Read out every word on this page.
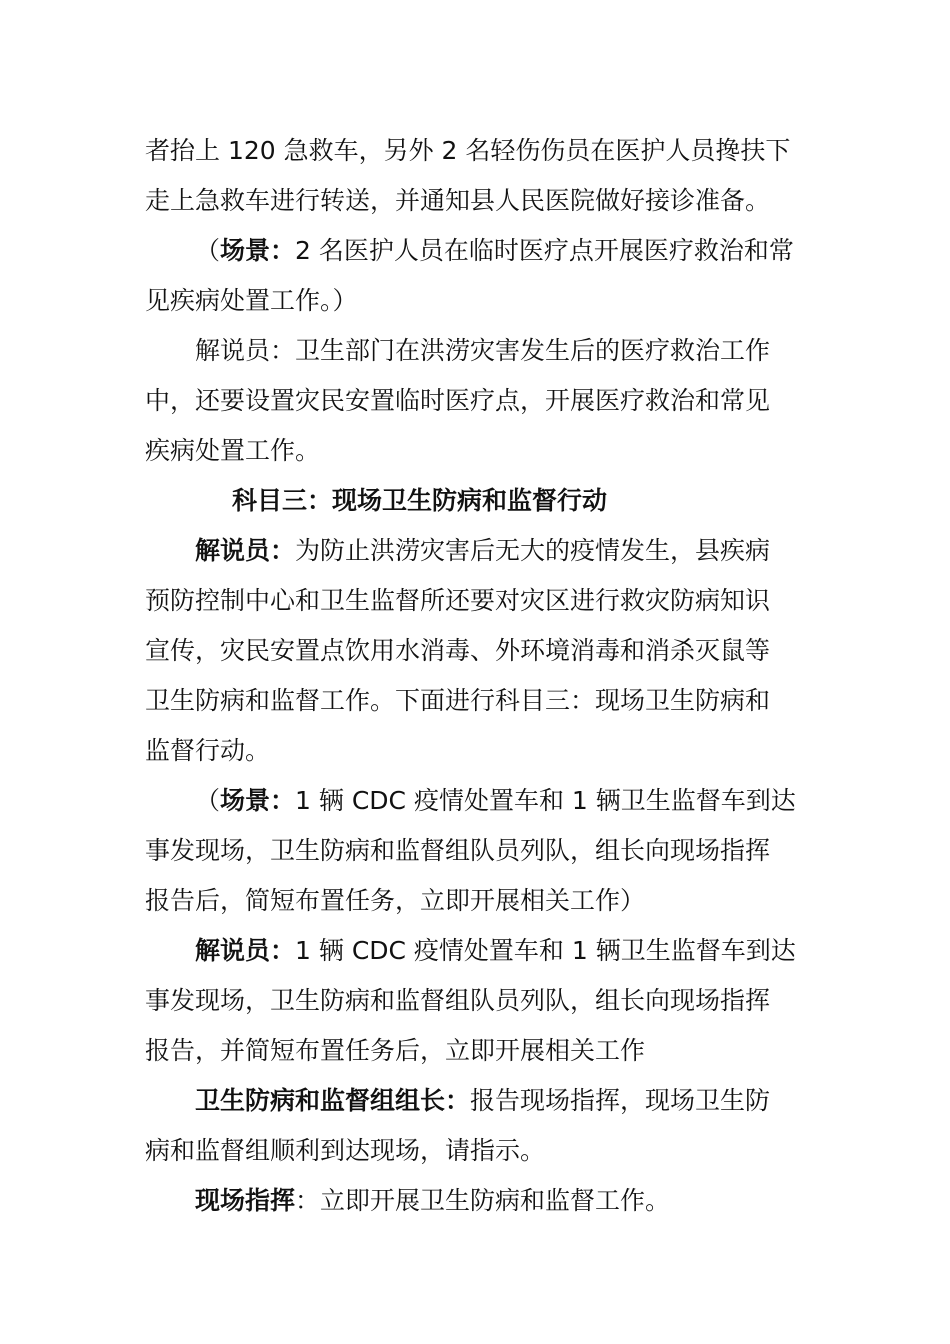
者抬上 120 急救车，另外 2 名轻伤伤员在医护人员搀扶下
走上急救车进行转送，并通知县人民医院做好接诊准备。
（场景：2 名医护人员在临时医疗点开展医疗救治和常
见疾病处置工作。）
解说员：卫生部门在洪涝灾害发生后的医疗救治工作
中，还要设置灾民安置临时医疗点，开展医疗救治和常见
疾病处置工作。
科目三：现场卫生防病和监督行动
解说员：为防止洪涝灾害后无大的疫情发生，县疾病
预防控制中心和卫生监督所还要对灾区进行救灾防病知识
宣传，灾民安置点饮用水消毒、外环境消毒和消杀灭鼠等
卫生防病和监督工作。下面进行科目三：现场卫生防病和
监督行动。
（场景：1 辆 CDC 疫情处置车和 1 辆卫生监督车到达
事发现场，卫生防病和监督组队员列队，组长向现场指挥
报告后，简短布置任务，立即开展相关工作）
解说员：1 辆 CDC 疫情处置车和 1 辆卫生监督车到达
事发现场，卫生防病和监督组队员列队，组长向现场指挥
报告，并简短布置任务后，立即开展相关工作
卫生防病和监督组组长：报告现场指挥，现场卫生防
病和监督组顺利到达现场，请指示。
现场指挥：立即开展卫生防病和监督工作。
